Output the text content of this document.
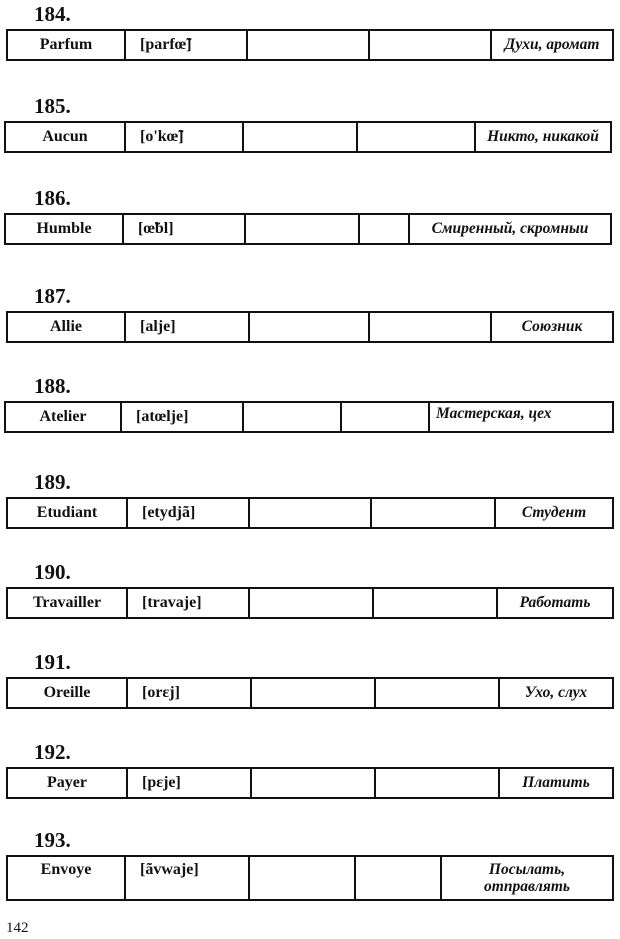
184.
Parfum	[parfœ̃]	Духи, аромат
185.
Aucun	[o'kœ̃]	Никто, никакой
186.
Humble	[œ̃bl]	Смиренный, скромныи
187.
Allie	[alje]	Союзник
188.
Atelier	[atœlje]	Мастерская, цех
189.
Etudiant	[etydjã]	Студент
190.
Travailler	[travaje]	Работать
191.
Oreille	[orεj]	Ухо, слух
192.
Payer	[pεje]	Платить
193.
Envoye	[ãvwaje]	Посылать,
отправлять
142
